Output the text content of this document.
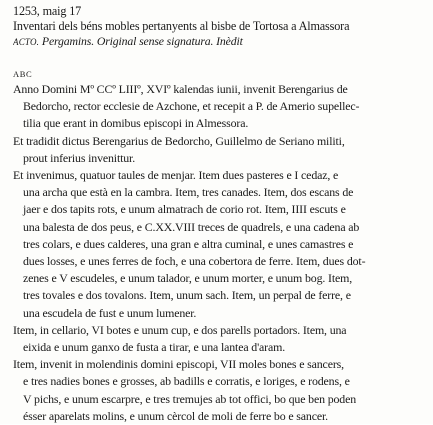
1253, maig 17
Inventari dels béns mobles pertanyents al bisbe de Tortosa a Almassora
ACTO. Pergamins. Original sense signatura. Inèdit
ABC
Anno Domini Mº CCº LIIIº, XVIº kalendas iunii, invenit Berengarius de
Bedorcho, rector ecclesie de Azchone, et recepit a P. de Amerio supellec-
tilia que erant in domibus episcopi in Almessora.
Et tradidit dictus Berengarius de Bedorcho, Guillelmo de Seriano militi,
prout inferius invenittur.
Et invenimus, quatuor taules de menjar. Item dues pasteres e I cedaz, e
una archa que està en la cambra. Item, tres canades. Item, dos escans de
jaer e dos tapits rots, e unum almatrach de corio rot. Item, IIII escuts e
una balesta de dos peus, e C.XX.VIII treces de quadrels, e una cadena ab
tres colars, e dues calderes, una gran e altra cuminal, e unes camastres e
dues losses, e unes ferres de foch, e una cobertora de ferre. Item, dues dot-
zenes e V escudeles, e unum talador, e unum morter, e unum bog. Item,
tres tovales e dos tovalons. Item, unum sach. Item, un perpal de ferre, e
una escudela de fust e unum lumener.
Item, in cellario, VI botes e unum cup, e dos parells portadors. Item, una
eixida e unum ganxo de fusta a tirar, e una lantea d'aram.
Item, invenit in molendinis domini episcopi, VII moles bones e sancers,
e tres nadies bones e grosses, ab badills e corratis, e loriges, e rodens, e
V pichs, e unum escarpre, e tres tremujes ab tot offici, bo que ben poden
ésser aparelats molins, e unum cèrcol de moli de ferre bo e sancer.
